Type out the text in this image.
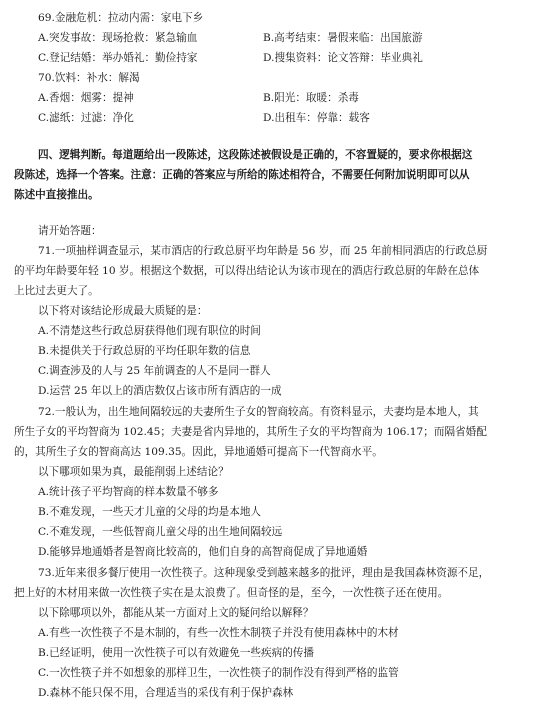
69.金融危机：拉动内需：家电下乡
A.突发事故：现场抢救：紧急输血	B.高考结束：暑假来临：出国旅游
C.登记结婚：举办婚礼：勤俭持家	D.搜集资料：论文答辩：毕业典礼
70.饮料：补水：解渴
A.香烟：烟雾：提神	B.阳光：取暖：杀毒
C.滤纸：过滤：净化	D.出租车：停靠：载客
四、逻辑判断。每道题给出一段陈述，这段陈述被假设是正确的，不容置疑的，要求你根据这
段陈述，选择一个答案。注意：正确的答案应与所给的陈述相符合，不需要任何附加说明即可以从
陈述中直接推出。
请开始答题：
71.一项抽样调查显示，某市酒店的行政总厨平均年龄是 56 岁，而 25 年前相同酒店的行政总厨
的平均年龄要年轻 10 岁。根据这个数据，可以得出结论认为该市现在的酒店行政总厨的年龄在总体
上比过去更大了。
以下将对该结论形成最大质疑的是：
A.不清楚这些行政总厨获得他们现有职位的时间
B.未提供关于行政总厨的平均任职年数的信息
C.调查涉及的人与 25 年前调查的人不是同一群人
D.运营 25 年以上的酒店数仅占该市所有酒店的一成
72.一般认为，出生地间隔较远的夫妻所生子女的智商较高。有资料显示，夫妻均是本地人，其
所生子女的平均智商为 102.45；夫妻是省内异地的，其所生子女的平均智商为 106.17；而隔省婚配
的，其所生子女的智商高达 109.35。因此，异地通婚可提高下一代智商水平。
以下哪项如果为真，最能削弱上述结论？
A.统计孩子平均智商的样本数量不够多
B.不难发现，一些天才儿童的父母的均是本地人
C.不难发现，一些低智商儿童父母的出生地间隔较远
D.能够异地通婚者是智商比较高的，他们自身的高智商促成了异地通婚
73.近年来很多餐厅使用一次性筷子。这种现象受到越来越多的批评，理由是我国森林资源不足，
把上好的木材用来做一次性筷子实在是太浪费了。但奇怪的是，至今，一次性筷子还在使用。
以下除哪项以外，都能从某一方面对上文的疑问给以解释？
A.有些一次性筷子不是木制的，有些一次性木制筷子并没有使用森林中的木材
B.已经证明，使用一次性筷子可以有效避免一些疾病的传播
C.一次性筷子并不如想象的那样卫生，一次性筷子的制作没有得到严格的监管
D.森林不能只保不用，合理适当的采伐有利于保护森林
